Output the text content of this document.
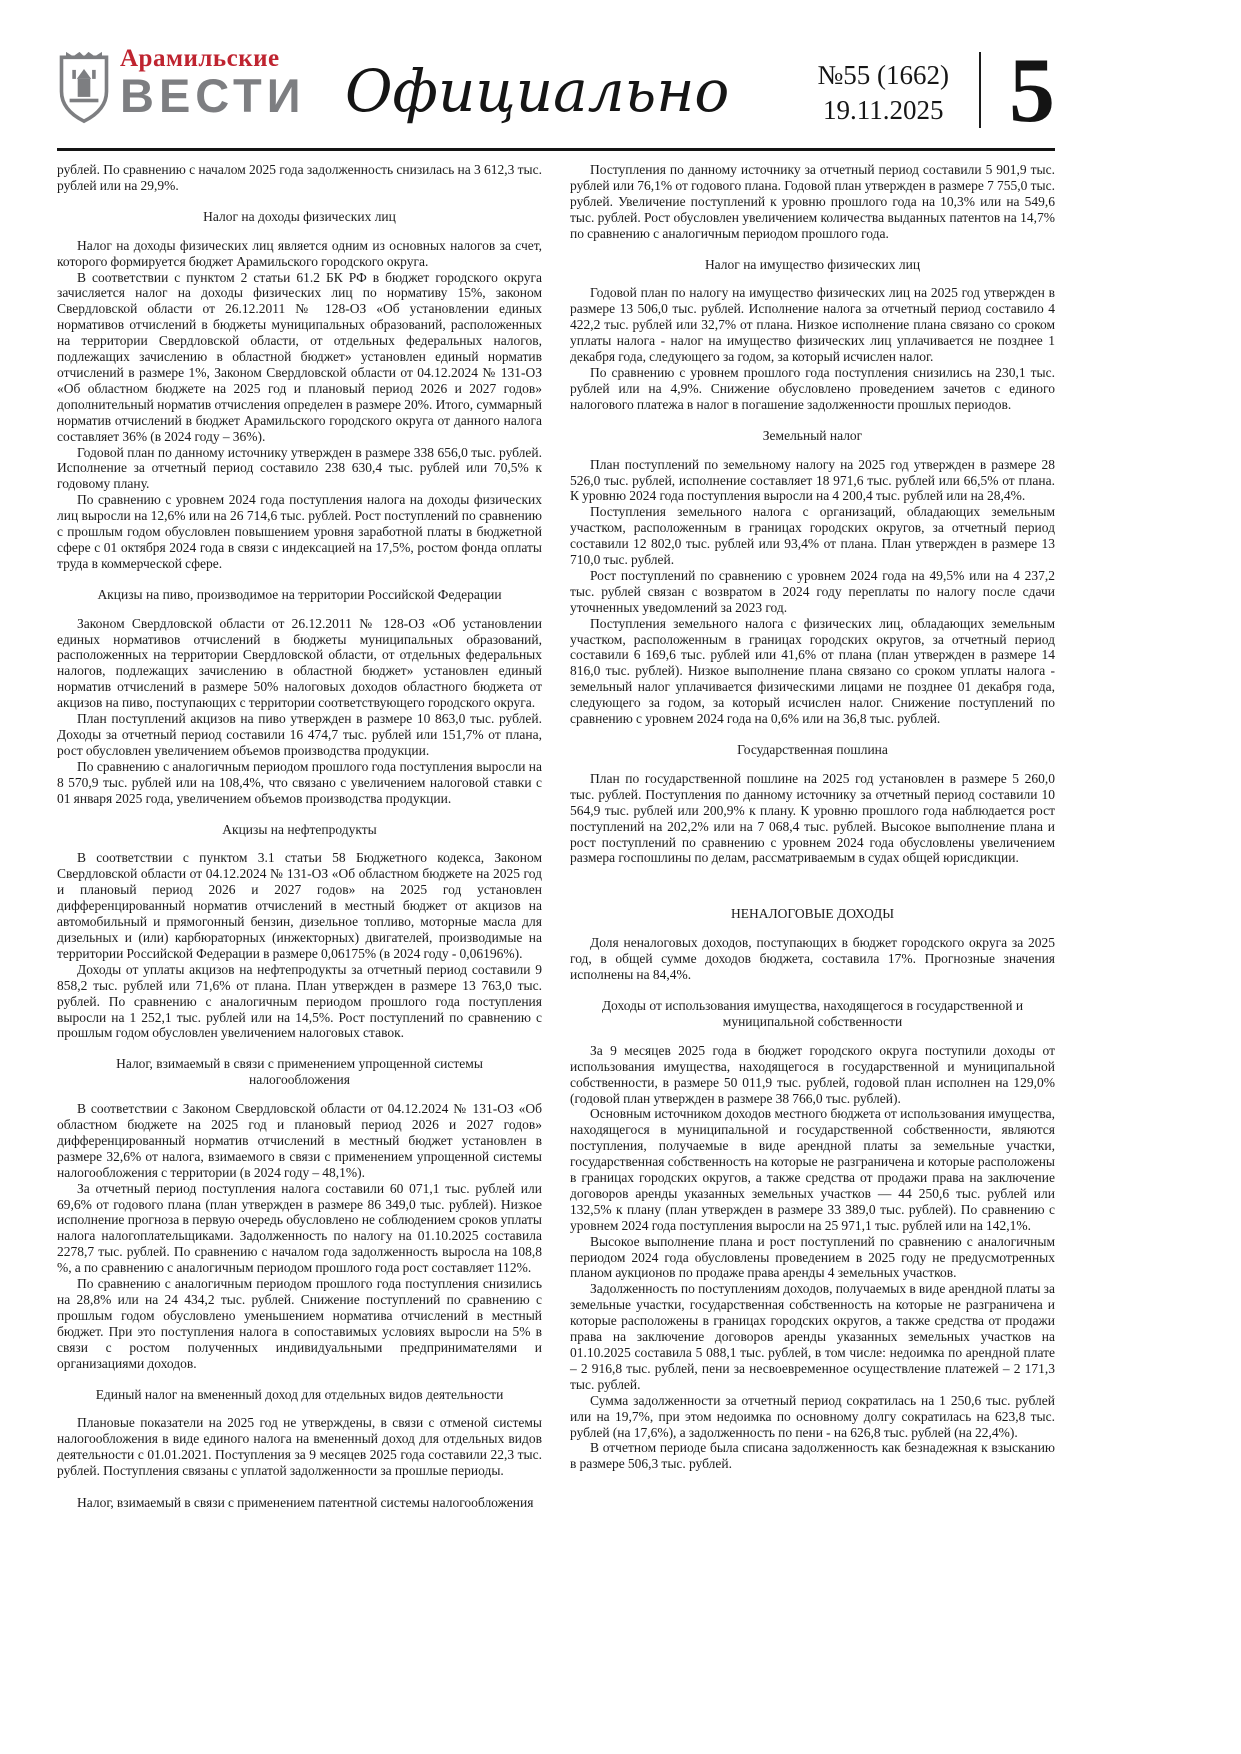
Арамильские
ВЕСТИ Официально	№55 (1662)
19.11.2025 5

рублей. По сравнению с началом 2025 года задолженность снизилась на 3 612,3 тыс. рублей или на 29,9%.

Налог на доходы физических лиц

Налог на доходы физических лиц является одним из основных налогов за счет, которого формируется бюджет Арамильского городского округа.

В соответствии с пунктом 2 статьи 61.2 БК РФ в бюджет городского округа зачисляется налог на доходы физических лиц по нормативу 15%, законом Свердловской области от 26.12.2011 № 128-ОЗ «Об установлении единых нормативов отчислений в бюджеты муниципальных образований, расположенных на территории Свердловской области, от отдельных федеральных налогов, подлежащих зачислению в областной бюджет» установлен единый норматив отчислений в размере 1%, Законом Свердловской области от 04.12.2024 № 131-ОЗ «Об областном бюджете на 2025 год и плановый период 2026 и 2027 годов» дополнительный норматив отчисления определен в размере 20%. Итого, суммарный норматив отчислений в бюджет Арамильского городского округа от данного налога составляет 36% (в 2024 году – 36%).

Годовой план по данному источнику утвержден в размере 338 656,0 тыс. рублей. Исполнение за отчетный период составило 238 630,4 тыс. рублей или 70,5% к годовому плану.

По сравнению с уровнем 2024 года поступления налога на доходы физических лиц выросли на 12,6% или на 26 714,6 тыс. рублей. Рост поступлений по сравнению с прошлым годом обусловлен повышением уровня заработной платы в бюджетной сфере с 01 октября 2024 года в связи с индексацией на 17,5%, ростом фонда оплаты труда в коммерческой сфере.

Акцизы на пиво, производимое на территории Российской Федерации

Законом Свердловской области от 26.12.2011 № 128-ОЗ «Об установлении единых нормативов отчислений в бюджеты муниципальных образований, расположенных на территории Свердловской области, от отдельных федеральных налогов, подлежащих зачислению в областной бюджет» установлен единый норматив отчислений в размере 50% налоговых доходов областного бюджета от акцизов на пиво, поступающих с территории соответствующего городского округа.

План поступлений акцизов на пиво утвержден в размере 10 863,0 тыс. рублей. Доходы за отчетный период составили 16 474,7 тыс. рублей или 151,7% от плана, рост обусловлен увеличением объемов производства продукции.

По сравнению с аналогичным периодом прошлого года поступления выросли на 8 570,9 тыс. рублей или на 108,4%, что связано с увеличением налоговой ставки с 01 января 2025 года, увеличением объемов производства продукции.

Акцизы на нефтепродукты

В соответствии с пунктом 3.1 статьи 58 Бюджетного кодекса, Законом Свердловской области от 04.12.2024 № 131-ОЗ «Об областном бюджете на 2025 год и плановый период 2026 и 2027 годов» на 2025 год установлен дифференцированный норматив отчислений в местный бюджет от акцизов на автомобильный и прямогонный бензин, дизельное топливо, моторные масла для дизельных и (или) карбюраторных (инжекторных) двигателей, производимые на территории Российской Федерации в размере 0,06175% (в 2024 году - 0,06196%).

Доходы от уплаты акцизов на нефтепродукты за отчетный период составили 9 858,2 тыс. рублей или 71,6% от плана. План утвержден в размере 13 763,0 тыс. рублей. По сравнению с аналогичным периодом прошлого года поступления выросли на 1 252,1 тыс. рублей или на 14,5%. Рост поступлений по сравнению с прошлым годом обусловлен увеличением налоговых ставок.

Налог, взимаемый в связи с применением упрощенной системы налогообложения

В соответствии с Законом Свердловской области от 04.12.2024 № 131-ОЗ «Об областном бюджете на 2025 год и плановый период 2026 и 2027 годов» дифференцированный норматив отчислений в местный бюджет установлен в размере 32,6% от налога, взимаемого в связи с применением упрощенной системы налогообложения с территории (в 2024 году – 48,1%).

За отчетный период поступления налога составили 60 071,1 тыс. рублей или 69,6% от годового плана (план утвержден в размере 86 349,0 тыс. рублей). Низкое исполнение прогноза в первую очередь обусловлено не соблюдением сроков уплаты налога налогоплательщиками. Задолженность по налогу на 01.10.2025 составила 2278,7 тыс. рублей. По сравнению с началом года задолженность выросла на 108,8 %, а по сравнению с аналогичным периодом прошлого года рост составляет 112%.

По сравнению с аналогичным периодом прошлого года поступления снизились на 28,8% или на 24 434,2 тыс. рублей. Снижение поступлений по сравнению с прошлым годом обусловлено уменьшением норматива отчислений в местный бюджет. При это поступления налога в сопоставимых условиях выросли на 5% в связи с ростом полученных индивидуальными предпринимателями и организациями доходов.

Единый налог на вмененный доход для отдельных видов деятельности

Плановые показатели на 2025 год не утверждены, в связи с отменой системы налогообложения в виде единого налога на вмененный доход для отдельных видов деятельности с 01.01.2021. Поступления за 9 месяцев 2025 года составили 22,3 тыс. рублей. Поступления связаны с уплатой задолженности за прошлые периоды.

Налог, взимаемый в связи с применением патентной системы налогообложения

Поступления по данному источнику за отчетный период составили 5 901,9 тыс. рублей или 76,1% от годового плана. Годовой план утвержден в размере 7 755,0 тыс. рублей. Увеличение поступлений к уровню прошлого года на 10,3% или на 549,6 тыс. рублей. Рост обусловлен увеличением количества выданных патентов на 14,7% по сравнению с аналогичным периодом прошлого года.

Налог на имущество физических лиц

Годовой план по налогу на имущество физических лиц на 2025 год утвержден в размере 13 506,0 тыс. рублей. Исполнение налога за отчетный период составило 4 422,2 тыс. рублей или 32,7% от плана. Низкое исполнение плана связано со сроком уплаты налога - налог на имущество физических лиц уплачивается не позднее 1 декабря года, следующего за годом, за который исчислен налог.

По сравнению с уровнем прошлого года поступления снизились на 230,1 тыс. рублей или на 4,9%. Снижение обусловлено проведением зачетов с единого налогового платежа в налог в погашение задолженности прошлых периодов.

Земельный налог

План поступлений по земельному налогу на 2025 год утвержден в размере 28 526,0 тыс. рублей, исполнение составляет 18 971,6 тыс. рублей или 66,5% от плана. К уровню 2024 года поступления выросли на 4 200,4 тыс. рублей или на 28,4%.

Поступления земельного налога с организаций, обладающих земельным участком, расположенным в границах городских округов, за отчетный период составили 12 802,0 тыс. рублей или 93,4% от плана. План утвержден в размере 13 710,0 тыс. рублей.

Рост поступлений по сравнению с уровнем 2024 года на 49,5% или на 4 237,2 тыс. рублей связан с возвратом в 2024 году переплаты по налогу после сдачи уточненных уведомлений за 2023 год.

Поступления земельного налога с физических лиц, обладающих земельным участком, расположенным в границах городских округов, за отчетный период составили 6 169,6 тыс. рублей или 41,6% от плана (план утвержден в размере 14 816,0 тыс. рублей). Низкое выполнение плана связано со сроком уплаты налога - земельный налог уплачивается физическими лицами не позднее 01 декабря года, следующего за годом, за который исчислен налог. Снижение поступлений по сравнению с уровнем 2024 года на 0,6% или на 36,8 тыс. рублей.

Государственная пошлина

План по государственной пошлине на 2025 год установлен в размере 5 260,0 тыс. рублей. Поступления по данному источнику за отчетный период составили 10 564,9 тыс. рублей или 200,9% к плану. К уровню прошлого года наблюдается рост поступлений на 202,2% или на 7 068,4 тыс. рублей. Высокое выполнение плана и рост поступлений по сравнению с уровнем 2024 года обусловлены увеличением размера госпошлины по делам, рассматриваемым в судах общей юрисдикции.

НЕНАЛОГОВЫЕ ДОХОДЫ

Доля неналоговых доходов, поступающих в бюджет городского округа за 2025 год, в общей сумме доходов бюджета, составила 17%. Прогнозные значения исполнены на 84,4%.

Доходы от использования имущества, находящегося в государственной и муниципальной собственности

За 9 месяцев 2025 года в бюджет городского округа поступили доходы от использования имущества, находящегося в государственной и муниципальной собственности, в размере 50 011,9 тыс. рублей, годовой план исполнен на 129,0% (годовой план утвержден в размере 38 766,0 тыс. рублей).

Основным источником доходов местного бюджета от использования имущества, находящегося в муниципальной и государственной собственности, являются поступления, получаемые в виде арендной платы за земельные участки, государственная собственность на которые не разграничена и которые расположены в границах городских округов, а также средства от продажи права на заключение договоров аренды указанных земельных участков — 44 250,6 тыс. рублей или 132,5% к плану (план утвержден в размере 33 389,0 тыс. рублей). По сравнению с уровнем 2024 года поступления выросли на 25 971,1 тыс. рублей или на 142,1%.

Высокое выполнение плана и рост поступлений по сравнению с аналогичным периодом 2024 года обусловлены проведением в 2025 году не предусмотренных планом аукционов по продаже права аренды 4 земельных участков.

Задолженность по поступлениям доходов, получаемых в виде арендной платы за земельные участки, государственная собственность на которые не разграничена и которые расположены в границах городских округов, а также средства от продажи права на заключение договоров аренды указанных земельных участков на 01.10.2025 составила 5 088,1 тыс. рублей, в том числе: недоимка по арендной плате – 2 916,8 тыс. рублей, пени за несвоевременное осуществление платежей – 2 171,3 тыс. рублей.

Сумма задолженности за отчетный период сократилась на 1 250,6 тыс. рублей или на 19,7%, при этом недоимка по основному долгу сократилась на 623,8 тыс. рублей (на 17,6%), а задолженность по пени - на 626,8 тыс. рублей (на 22,4%).

В отчетном периоде была списана задолженность как безнадежная к взысканию в размере 506,3 тыс. рублей.
